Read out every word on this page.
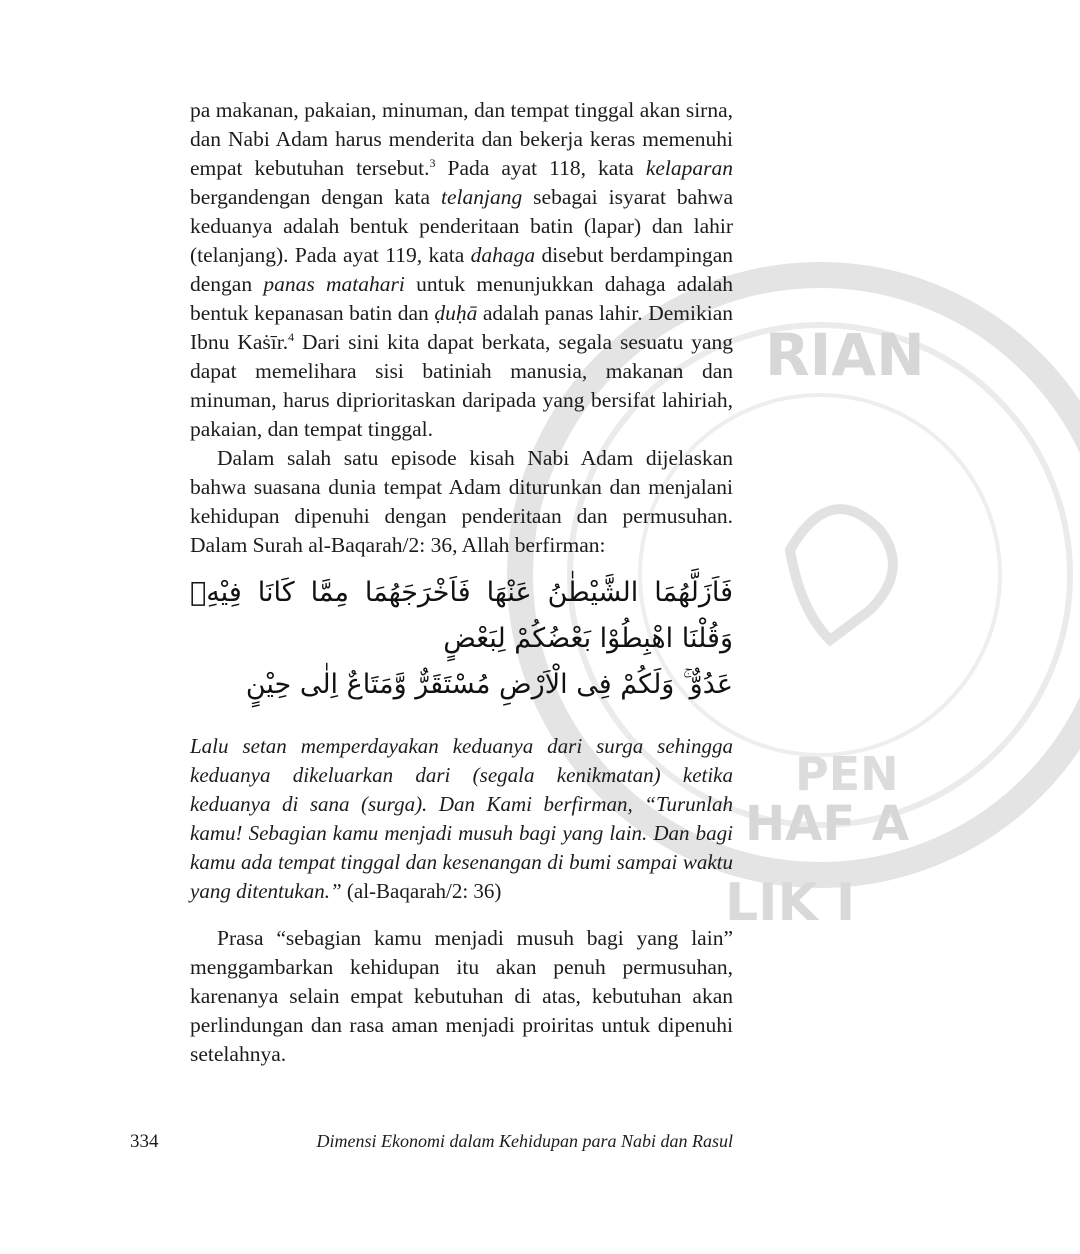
RIAN
PEN
HAF A
LIK I

pa makanan, pakaian, minuman, dan tempat tinggal akan sirna, dan Nabi Adam harus menderita dan bekerja keras memenuhi empat kebutuhan tersebut.$^3$ Pada ayat 118, kata kelaparan bergandengan dengan kata telanjang sebagai isyarat bahwa keduanya adalah bentuk penderitaan batin (lapar) dan lahir (telanjang). Pada ayat 119, kata dahaga disebut berdampingan dengan panas matahari untuk menunjukkan dahaga adalah bentuk kepanasan batin dan ḍuḥā adalah panas lahir. Demikian Ibnu Kaṡīr.$^4$ Dari sini kita dapat berkata, segala sesuatu yang dapat memelihara sisi batiniah manusia, makanan dan minuman, harus diprioritaskan daripada yang bersifat lahiriah, pakaian, dan tempat tinggal.

Dalam salah satu episode kisah Nabi Adam dijelaskan bahwa suasana dunia tempat Adam diturunkan dan menjalani kehidupan dipenuhi dengan penderitaan dan permusuhan. Dalam Surah al-Baqarah/2: 36, Allah berfirman:

فَاَزَلَّهُمَا الشَّيْطٰنُ عَنْهَا فَاَخْرَجَهُمَا مِمَّا كَانَا فِيْهِۖ وَقُلْنَا اهْبِطُوْا بَعْضُكُمْ لِبَعْضٍ
عَدُوٌّ ۚ وَلَكُمْ فِى الْاَرْضِ مُسْتَقَرٌّ وَّمَتَاعٌ اِلٰى حِيْنٍ

Lalu setan memperdayakan keduanya dari surga sehingga keduanya dikeluarkan dari (segala kenikmatan) ketika keduanya di sana (surga). Dan Kami berfirman, “Turunlah kamu! Sebagian kamu menjadi musuh bagi yang lain. Dan bagi kamu ada tempat tinggal dan kesenangan di bumi sampai waktu yang ditentukan.” (al-Baqarah/2: 36)

Prasa “sebagian kamu menjadi musuh bagi yang lain” menggambarkan kehidupan itu akan penuh permusuhan, karenanya selain empat kebutuhan di atas, kebutuhan akan perlindungan dan rasa aman menjadi proiritas untuk dipenuhi setelahnya.

334	Dimensi Ekonomi dalam Kehidupan para Nabi dan Rasul
